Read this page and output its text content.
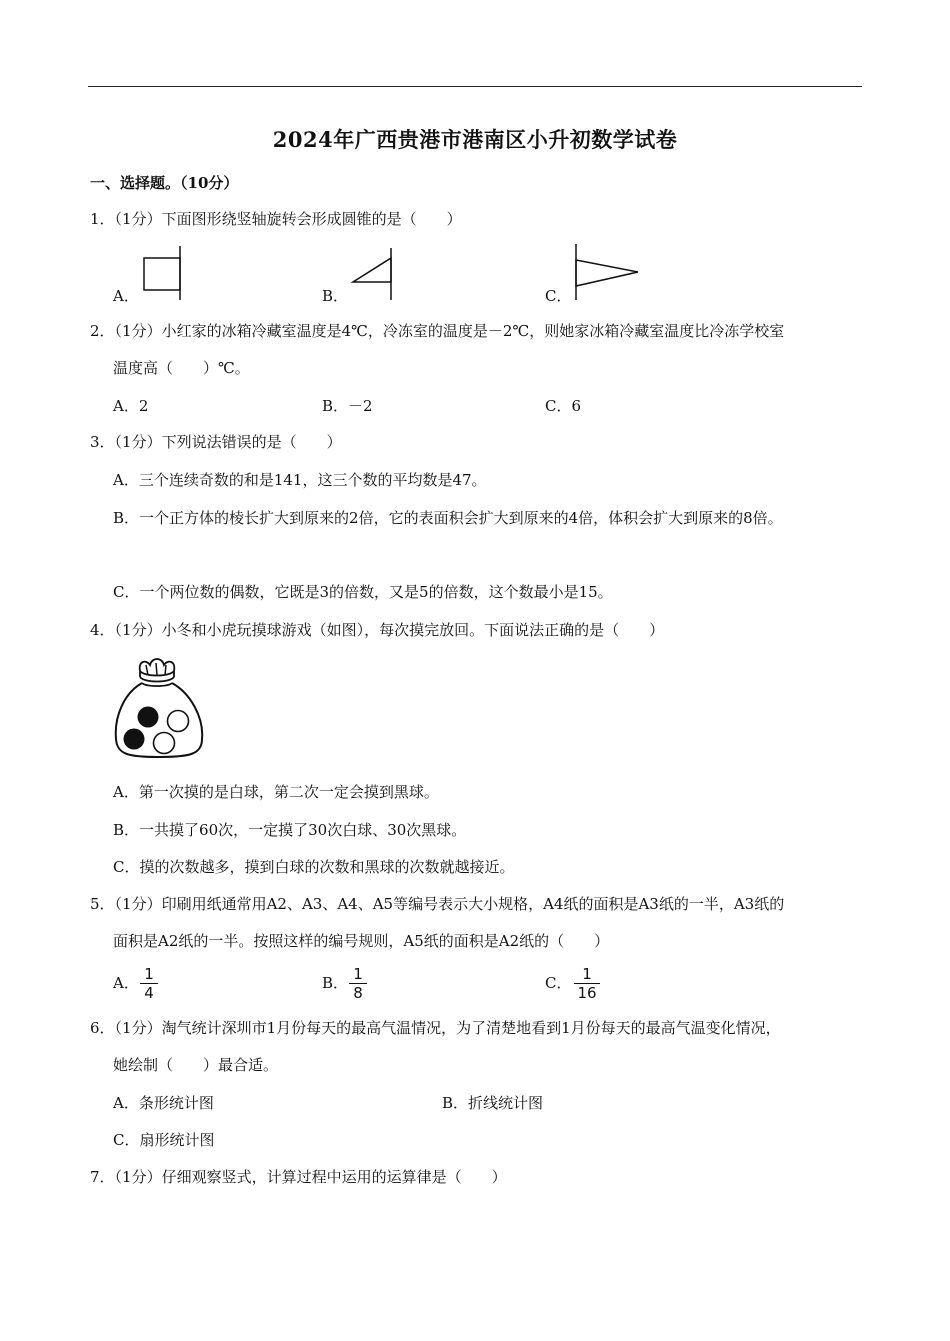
2024年广西贵港市港南区小升初数学试卷
一、选择题。（10分）
1．（1分）下面图形绕竖轴旋转会形成圆锥的是（　　）
A．	B．	C．
2．（1分）小红家的冰箱冷藏室温度是4℃，冷冻室的温度是－2℃，则她家冰箱冷藏室温度比冷冻学校室
温度高（　　）℃。
A．2	B．－2	C．6
3．（1分）下列说法错误的是（　　）
A．三个连续奇数的和是141，这三个数的平均数是47。
B．一个正方体的棱长扩大到原来的2倍，它的表面积会扩大到原来的4倍，体积会扩大到原来的8倍。
C．一个两位数的偶数，它既是3的倍数，又是5的倍数，这个数最小是15。
4．（1分）小冬和小虎玩摸球游戏（如图），每次摸完放回。下面说法正确的是（　　）
A．第一次摸的是白球，第二次一定会摸到黑球。
B．一共摸了60次，一定摸了30次白球、30次黑球。
C．摸的次数越多，摸到白球的次数和黑球的次数就越接近。
5．（1分）印刷用纸通常用A2、A3、A4、A5等编号表示大小规格，A4纸的面积是A3纸的一半，A3纸的
面积是A2纸的一半。按照这样的编号规则，A5纸的面积是A2纸的（　　）
A． 1
4
B． 1
8
C． 1
16
6．（1分）淘气统计深圳市1月份每天的最高气温情况，为了清楚地看到1月份每天的最高气温变化情况，
她绘制（　　）最合适。
A．条形统计图	B．折线统计图
C．扇形统计图
7．（1分）仔细观察竖式，计算过程中运用的运算律是（　　）
